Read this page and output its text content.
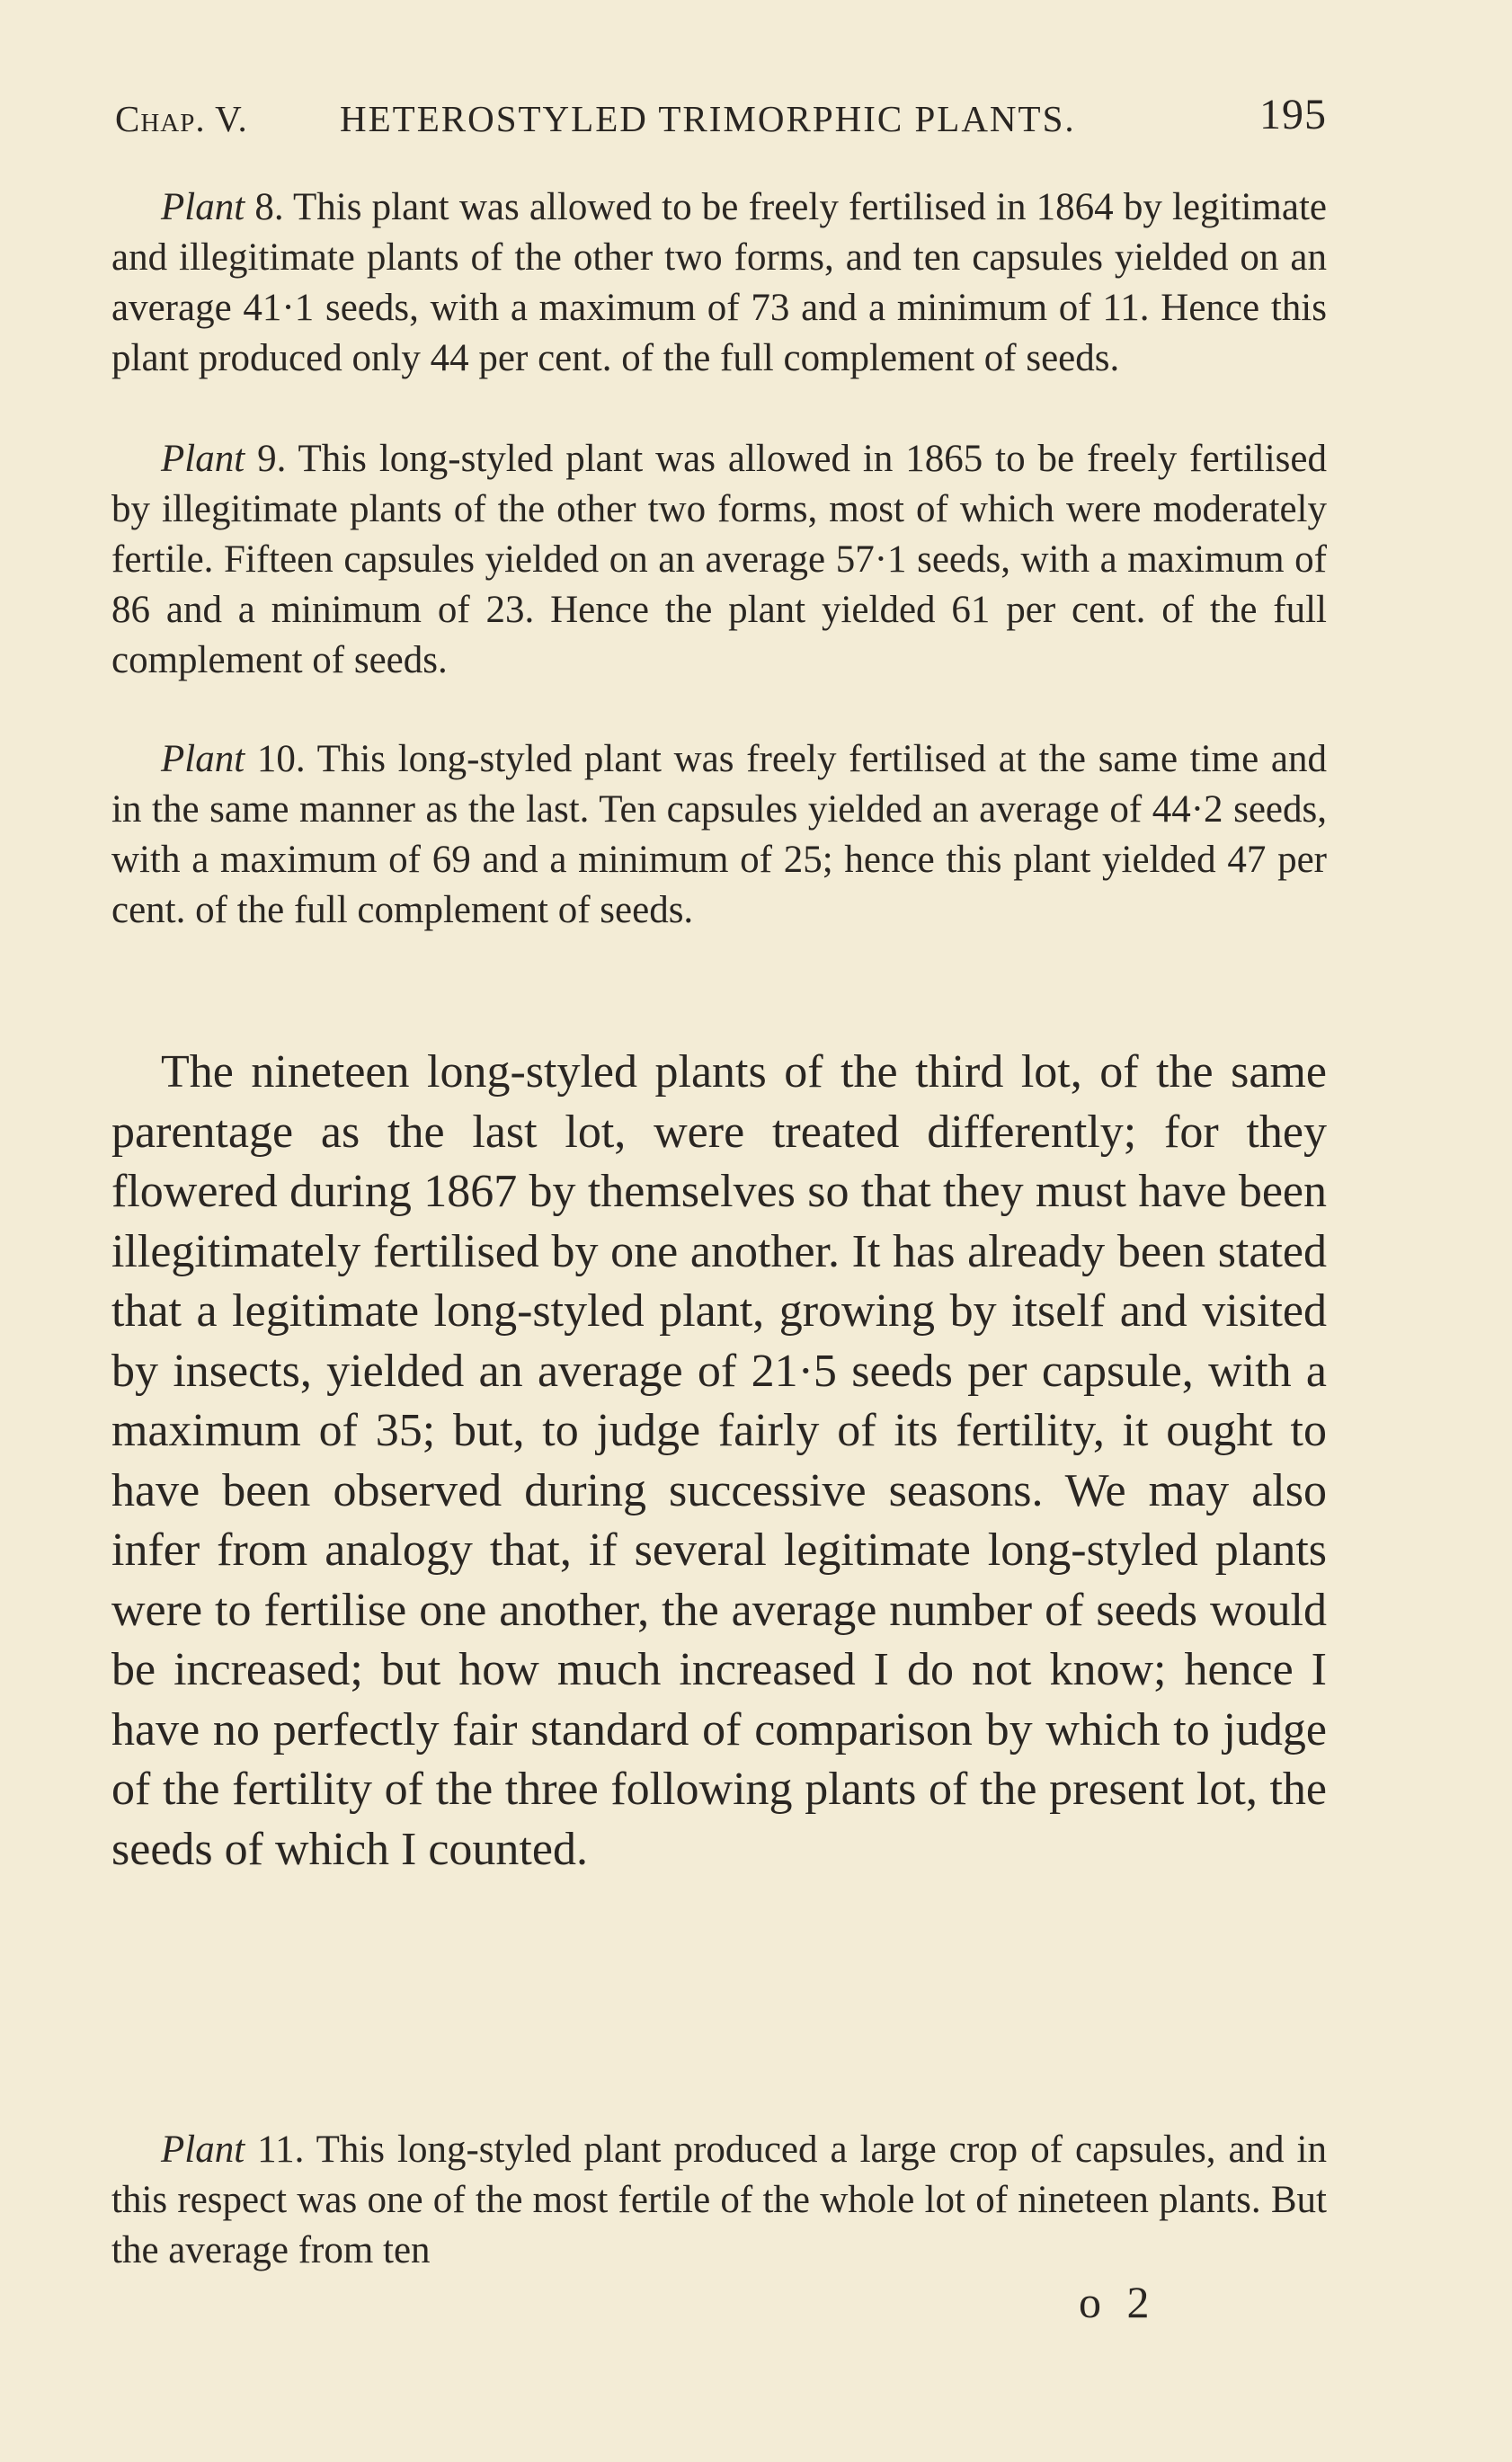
Chap. V. HETEROSTYLED TRIMORPHIC PLANTS.	195

Plant 8. This plant was allowed to be freely fertilised in 1864 by legitimate and illegitimate plants of the other two forms, and ten capsules yielded on an average 41·1 seeds, with a maximum of 73 and a minimum of 11. Hence this plant produced only 44 per cent. of the full complement of seeds.

Plant 9. This long-styled plant was allowed in 1865 to be freely fertilised by illegitimate plants of the other two forms, most of which were moderately fertile. Fifteen capsules yielded on an average 57·1 seeds, with a maximum of 86 and a minimum of 23. Hence the plant yielded 61 per cent. of the full complement of seeds.

Plant 10. This long-styled plant was freely fertilised at the same time and in the same manner as the last. Ten capsules yielded an average of 44·2 seeds, with a maximum of 69 and a minimum of 25; hence this plant yielded 47 per cent. of the full complement of seeds.

The nineteen long-styled plants of the third lot, of the same parentage as the last lot, were treated differently; for they flowered during 1867 by themselves so that they must have been illegitimately fertilised by one another. It has already been stated that a legitimate long-styled plant, growing by itself and visited by insects, yielded an average of 21·5 seeds per capsule, with a maximum of 35; but, to judge fairly of its fertility, it ought to have been observed during successive seasons. We may also infer from analogy that, if several legitimate long-styled plants were to fertilise one another, the average number of seeds would be increased; but how much increased I do not know; hence I have no perfectly fair standard of comparison by which to judge of the fertility of the three following plants of the present lot, the seeds of which I counted.

Plant 11. This long-styled plant produced a large crop of capsules, and in this respect was one of the most fertile of the whole lot of nineteen plants. But the average from ten

o 2
